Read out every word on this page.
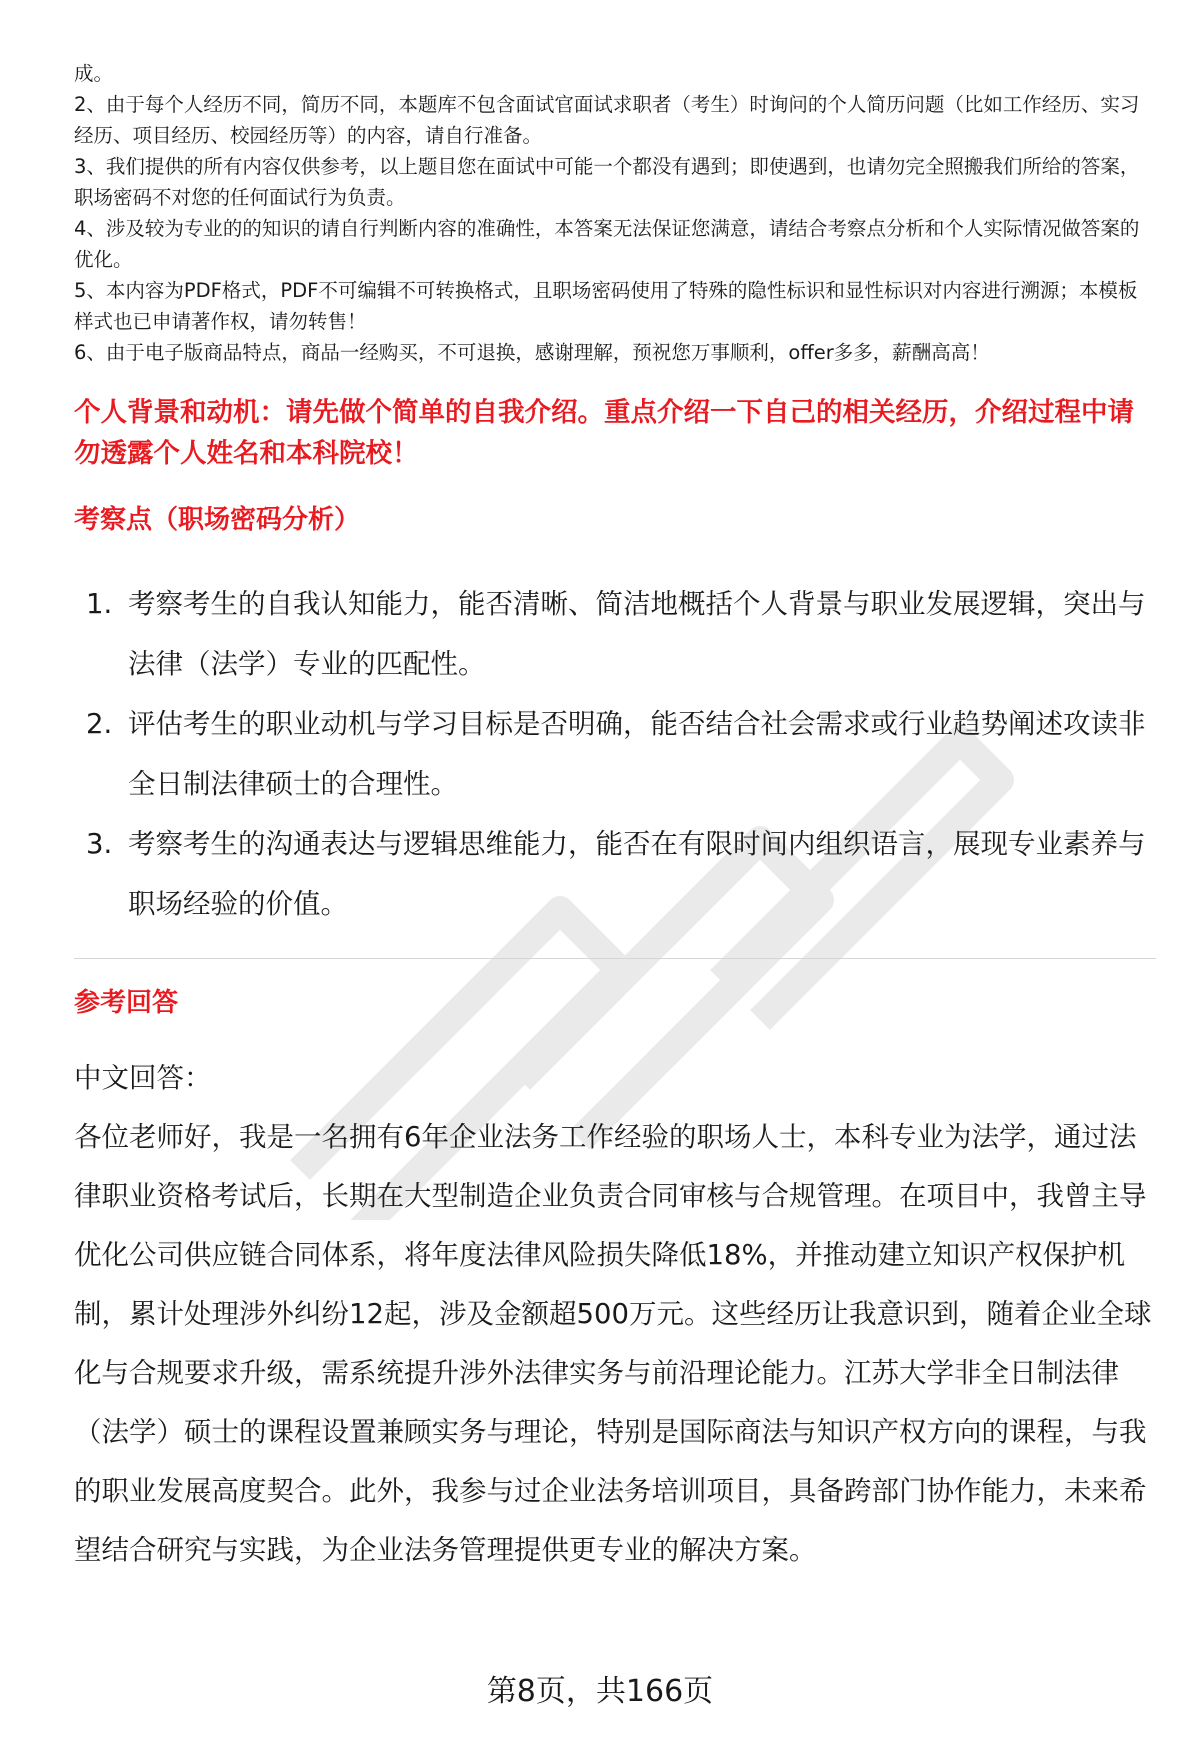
成。
2、由于每个人经历不同，简历不同，本题库不包含面试官面试求职者（考生）时询问的个人简历问题（比如工作经历、实习经历、项目经历、校园经历等）的内容，请自行准备。
3、我们提供的所有内容仅供参考，以上题目您在面试中可能一个都没有遇到；即使遇到，也请勿完全照搬我们所给的答案，职场密码不对您的任何面试行为负责。
4、涉及较为专业的的知识的请自行判断内容的准确性，本答案无法保证您满意，请结合考察点分析和个人实际情况做答案的优化。
5、本内容为PDF格式，PDF不可编辑不可转换格式，且职场密码使用了特殊的隐性标识和显性标识对内容进行溯源；本模板样式也已申请著作权，请勿转售！
6、由于电子版商品特点，商品一经购买，不可退换，感谢理解，预祝您万事顺利，offer多多，薪酬高高！
个人背景和动机：请先做个简单的自我介绍。重点介绍一下自己的相关经历，介绍过程中请勿透露个人姓名和本科院校！
考察点（职场密码分析）
1. 考察考生的自我认知能力，能否清晰、简洁地概括个人背景与职业发展逻辑，突出与法律（法学）专业的匹配性。
2. 评估考生的职业动机与学习目标是否明确，能否结合社会需求或行业趋势阐述攻读非全日制法律硕士的合理性。
3. 考察考生的沟通表达与逻辑思维能力，能否在有限时间内组织语言，展现专业素养与职场经验的价值。
参考回答

中文回答：

各位老师好，我是一名拥有6年企业法务工作经验的职场人士，本科专业为法学，通过法律职业资格考试后，长期在大型制造企业负责合同审核与合规管理。在项目中，我曾主导优化公司供应链合同体系，将年度法律风险损失降低18%，并推动建立知识产权保护机制，累计处理涉外纠纷12起，涉及金额超500万元。这些经历让我意识到，随着企业全球化与合规要求升级，需系统提升涉外法律实务与前沿理论能力。江苏大学非全日制法律（法学）硕士的课程设置兼顾实务与理论，特别是国际商法与知识产权方向的课程，与我的职业发展高度契合。此外，我参与过企业法务培训项目，具备跨部门协作能力，未来希望结合研究与实践，为企业法务管理提供更专业的解决方案。

第8页，共166页
